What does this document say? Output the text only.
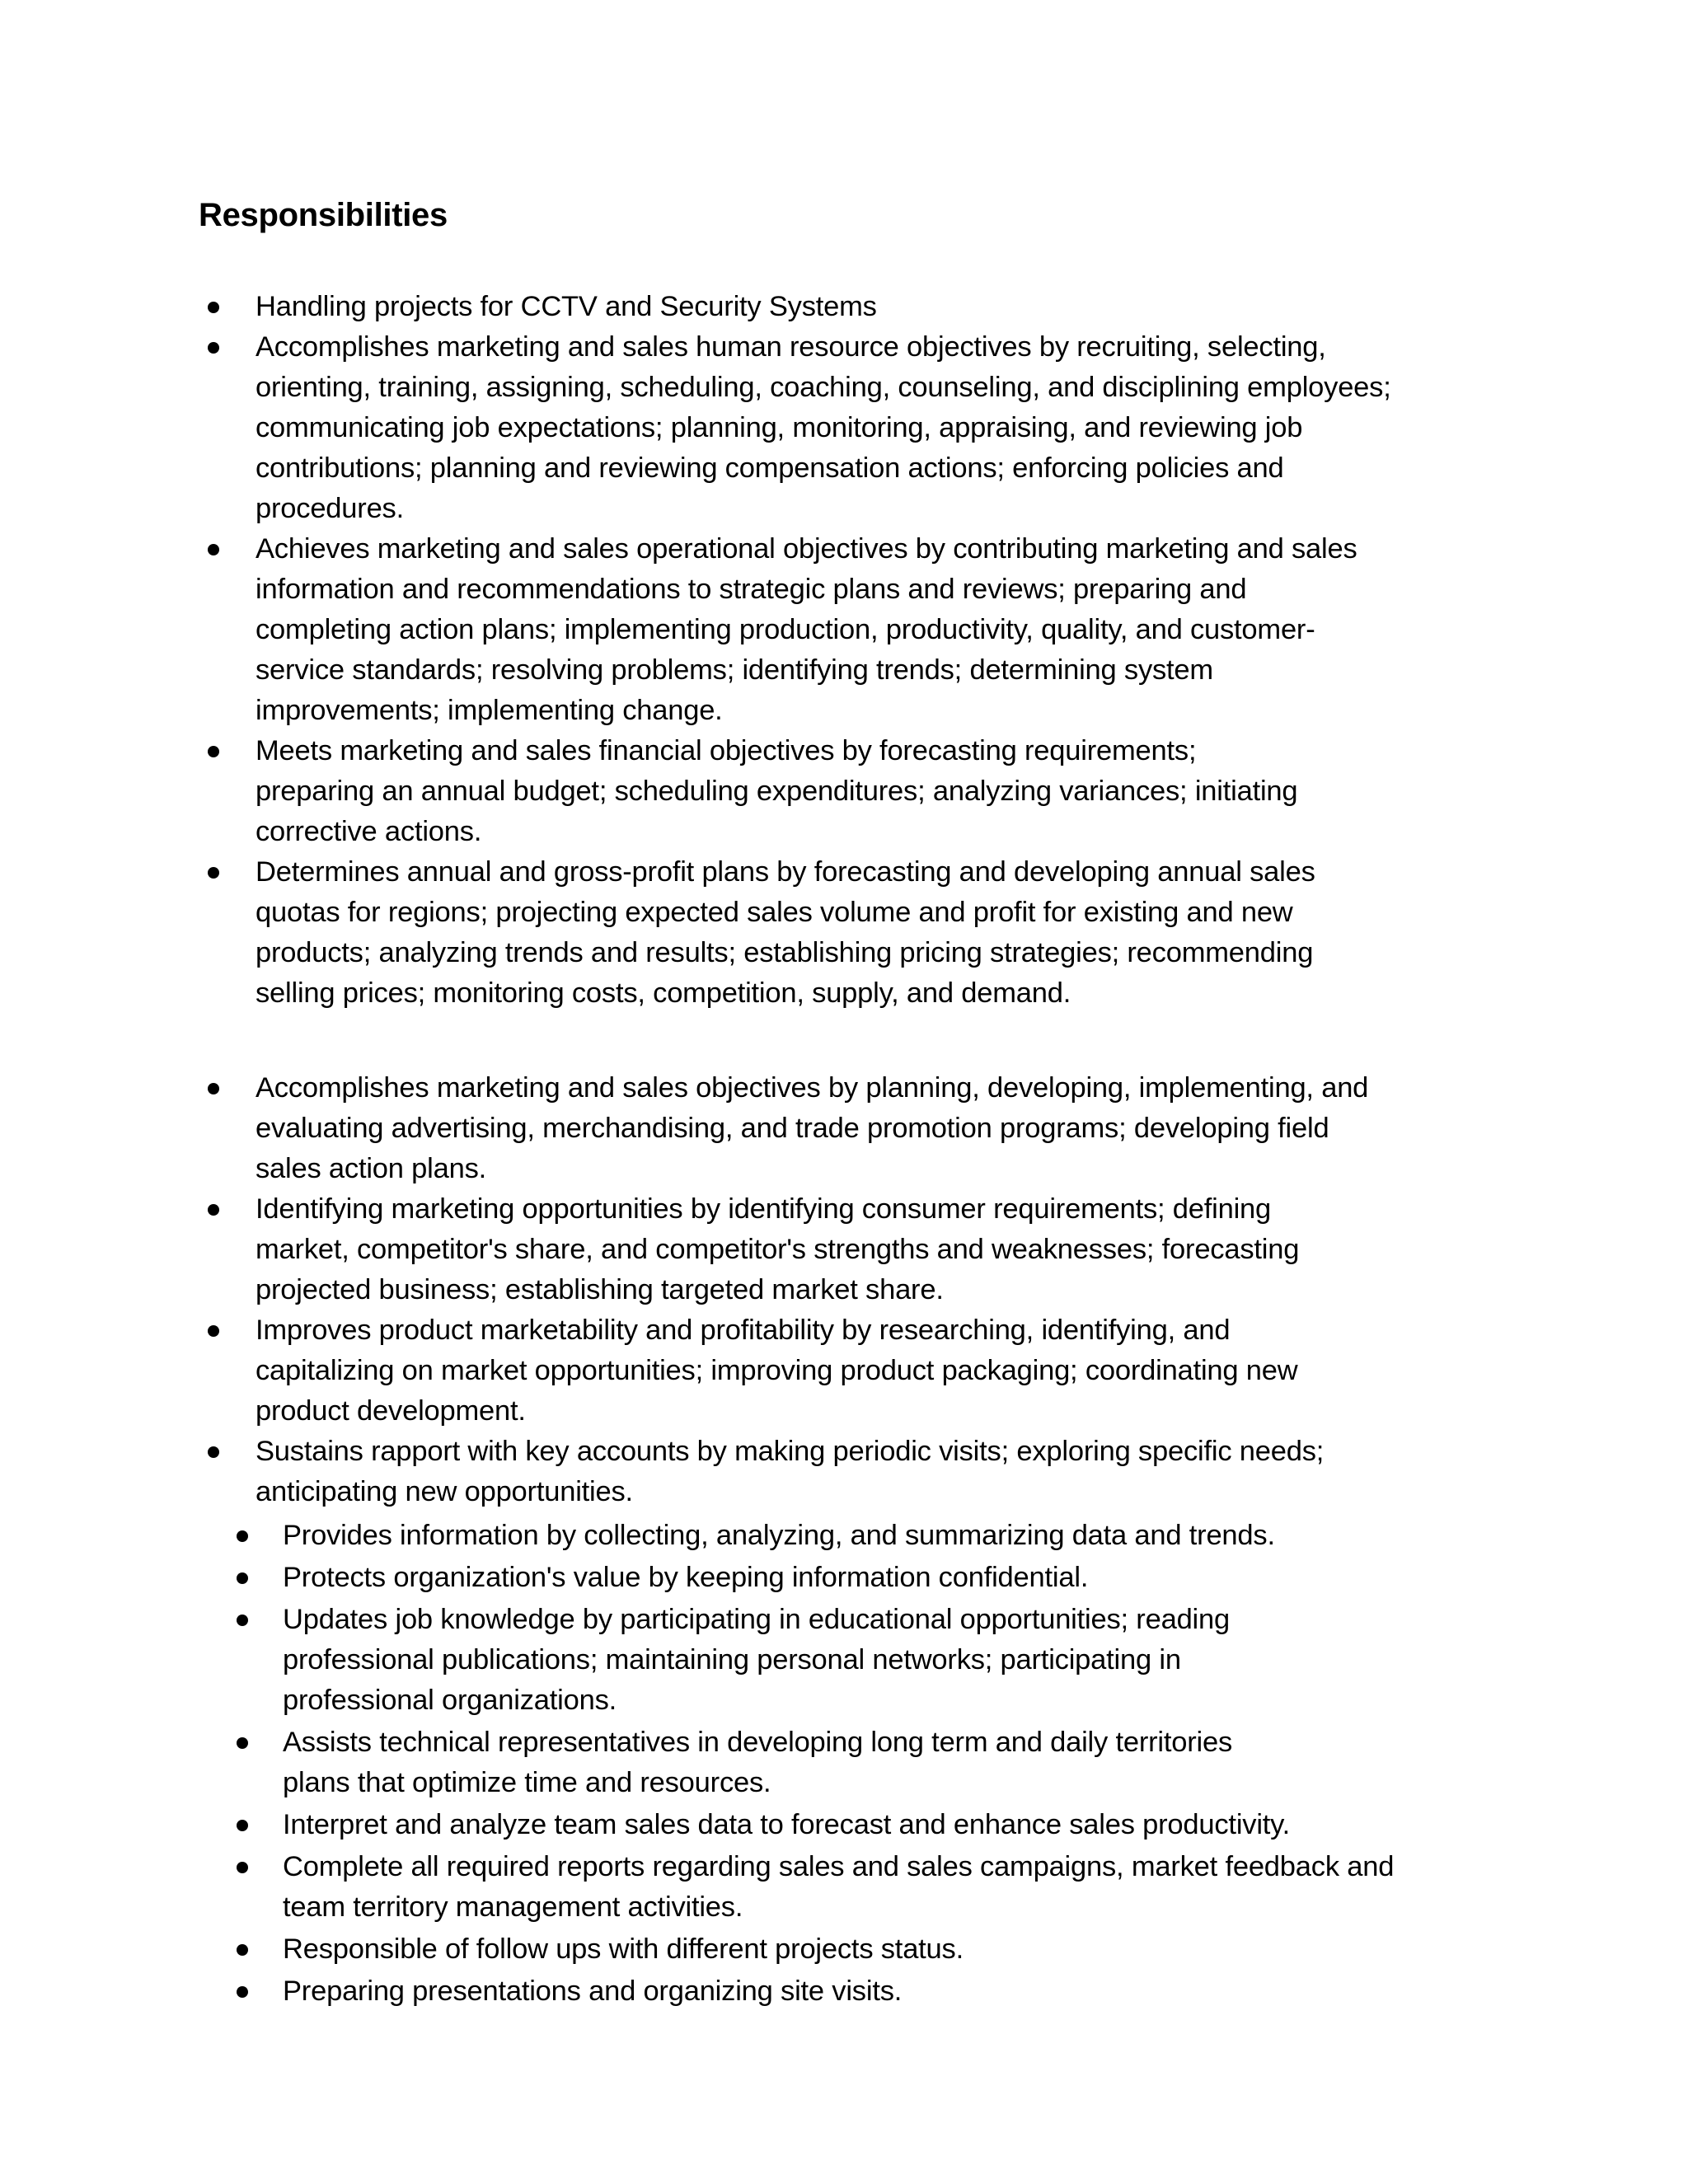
Responsibilities
Handling projects for CCTV and Security Systems
Accomplishes marketing and sales human resource objectives by recruiting, selecting,
orienting, training, assigning, scheduling, coaching, counseling, and disciplining employees;
communicating job expectations; planning, monitoring, appraising, and reviewing job
contributions; planning and reviewing compensation actions; enforcing policies and
procedures.
Achieves marketing and sales operational objectives by contributing marketing and sales
information and recommendations to strategic plans and reviews; preparing and
completing action plans; implementing production, productivity, quality, and customer-
service standards; resolving problems; identifying trends; determining system
improvements; implementing change.
Meets marketing and sales financial objectives by forecasting requirements;
preparing an annual budget; scheduling expenditures; analyzing variances; initiating
corrective actions.
Determines annual and gross-profit plans by forecasting and developing annual sales
quotas for regions; projecting expected sales volume and profit for existing and new
products; analyzing trends and results; establishing pricing strategies; recommending
selling prices; monitoring costs, competition, supply, and demand.
Accomplishes marketing and sales objectives by planning, developing, implementing, and
evaluating advertising, merchandising, and trade promotion programs; developing field
sales action plans.
Identifying marketing opportunities by identifying consumer requirements; defining
market, competitor's share, and competitor's strengths and weaknesses; forecasting
projected business; establishing targeted market share.
Improves product marketability and profitability by researching, identifying, and
capitalizing on market opportunities; improving product packaging; coordinating new
product development.
Sustains rapport with key accounts by making periodic visits; exploring specific needs;
anticipating new opportunities.
Provides information by collecting, analyzing, and summarizing data and trends.
Protects organization's value by keeping information confidential.
Updates job knowledge by participating in educational opportunities; reading
professional publications; maintaining personal networks; participating in
professional organizations.
Assists technical representatives in developing long term and daily territories
plans that optimize time and resources.
Interpret and analyze team sales data to forecast and enhance sales productivity.
Complete all required reports regarding sales and sales campaigns, market feedback and
team territory management activities.
Responsible of follow ups with different projects status.
Preparing presentations and organizing site visits.
